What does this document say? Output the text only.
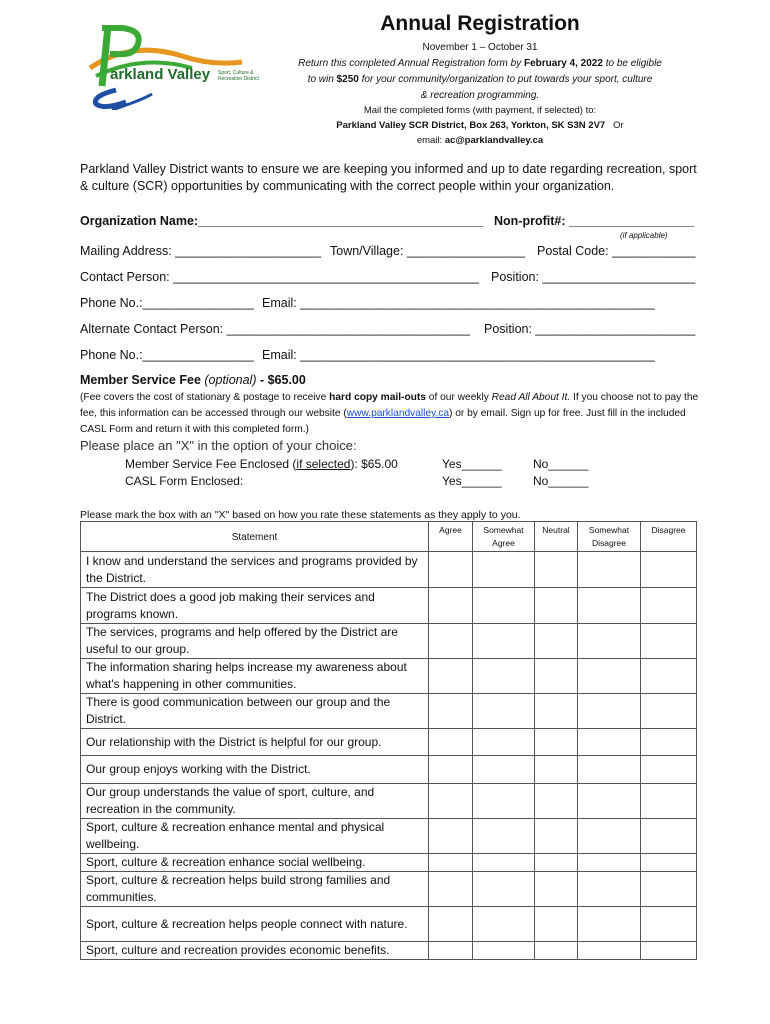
arkland Valley Sport, Culture &
Recreation District
Annual Registration
November 1 – October 31
Return this completed Annual Registration form by February 4, 2022 to be eligible
to win $250 for your community/organization to put towards your sport, culture
& recreation programming.
Mail the completed forms (with payment, if selected) to:
Parkland Valley SCR District, Box 263, Yorkton, SK S3N 2V7 Or
email: ac@parklandvalley.ca
Parkland Valley District wants to ensure we are keeping you informed and up to date regarding recreation, sport & culture (SCR) opportunities by communicating with the correct people within your organization.
Organization Name:_________________________________________ Non-profit#: __________________
(if applicable)
Mailing Address: _____________________ Town/Village: _________________ Postal Code: ____________
Contact Person: ____________________________________________ Position: ______________________
Phone No.:________________ Email: ___________________________________________________
Alternate Contact Person: ___________________________________ Position: _______________________
Phone No.:________________ Email: ___________________________________________________
Member Service Fee (optional) - $65.00
(Fee covers the cost of stationary & postage to receive hard copy mail-outs of our weekly Read All About It. If you choose not to pay the fee, this information can be accessed through our website (www.parklandvalley.ca) or by email. Sign up for free. Just fill in the included CASL Form and return it with this completed form.)
Please place an "X" in the option of your choice:
Member Service Fee Enclosed (if selected): $65.00	Yes______	No______
CASL Form Enclosed:	Yes______	No______
Please mark the box with an "X" based on how you rate these statements as they apply to you.
Statement	Agree	Somewhat Agree	Neutral	Somewhat Disagree	Disagree
I know and understand the services and programs provided by the District.					
The District does a good job making their services and programs known.					
The services, programs and help offered by the District are useful to our group.					
The information sharing helps increase my awareness about what's happening in other communities.					
There is good communication between our group and the District.					
Our relationship with the District is helpful for our group.					
Our group enjoys working with the District.					
Our group understands the value of sport, culture, and recreation in the community.					
Sport, culture & recreation enhance mental and physical wellbeing.					
Sport, culture & recreation enhance social wellbeing.					
Sport, culture & recreation helps build strong families and communities.					
Sport, culture & recreation helps people connect with nature.					
Sport, culture and recreation provides economic benefits.					
